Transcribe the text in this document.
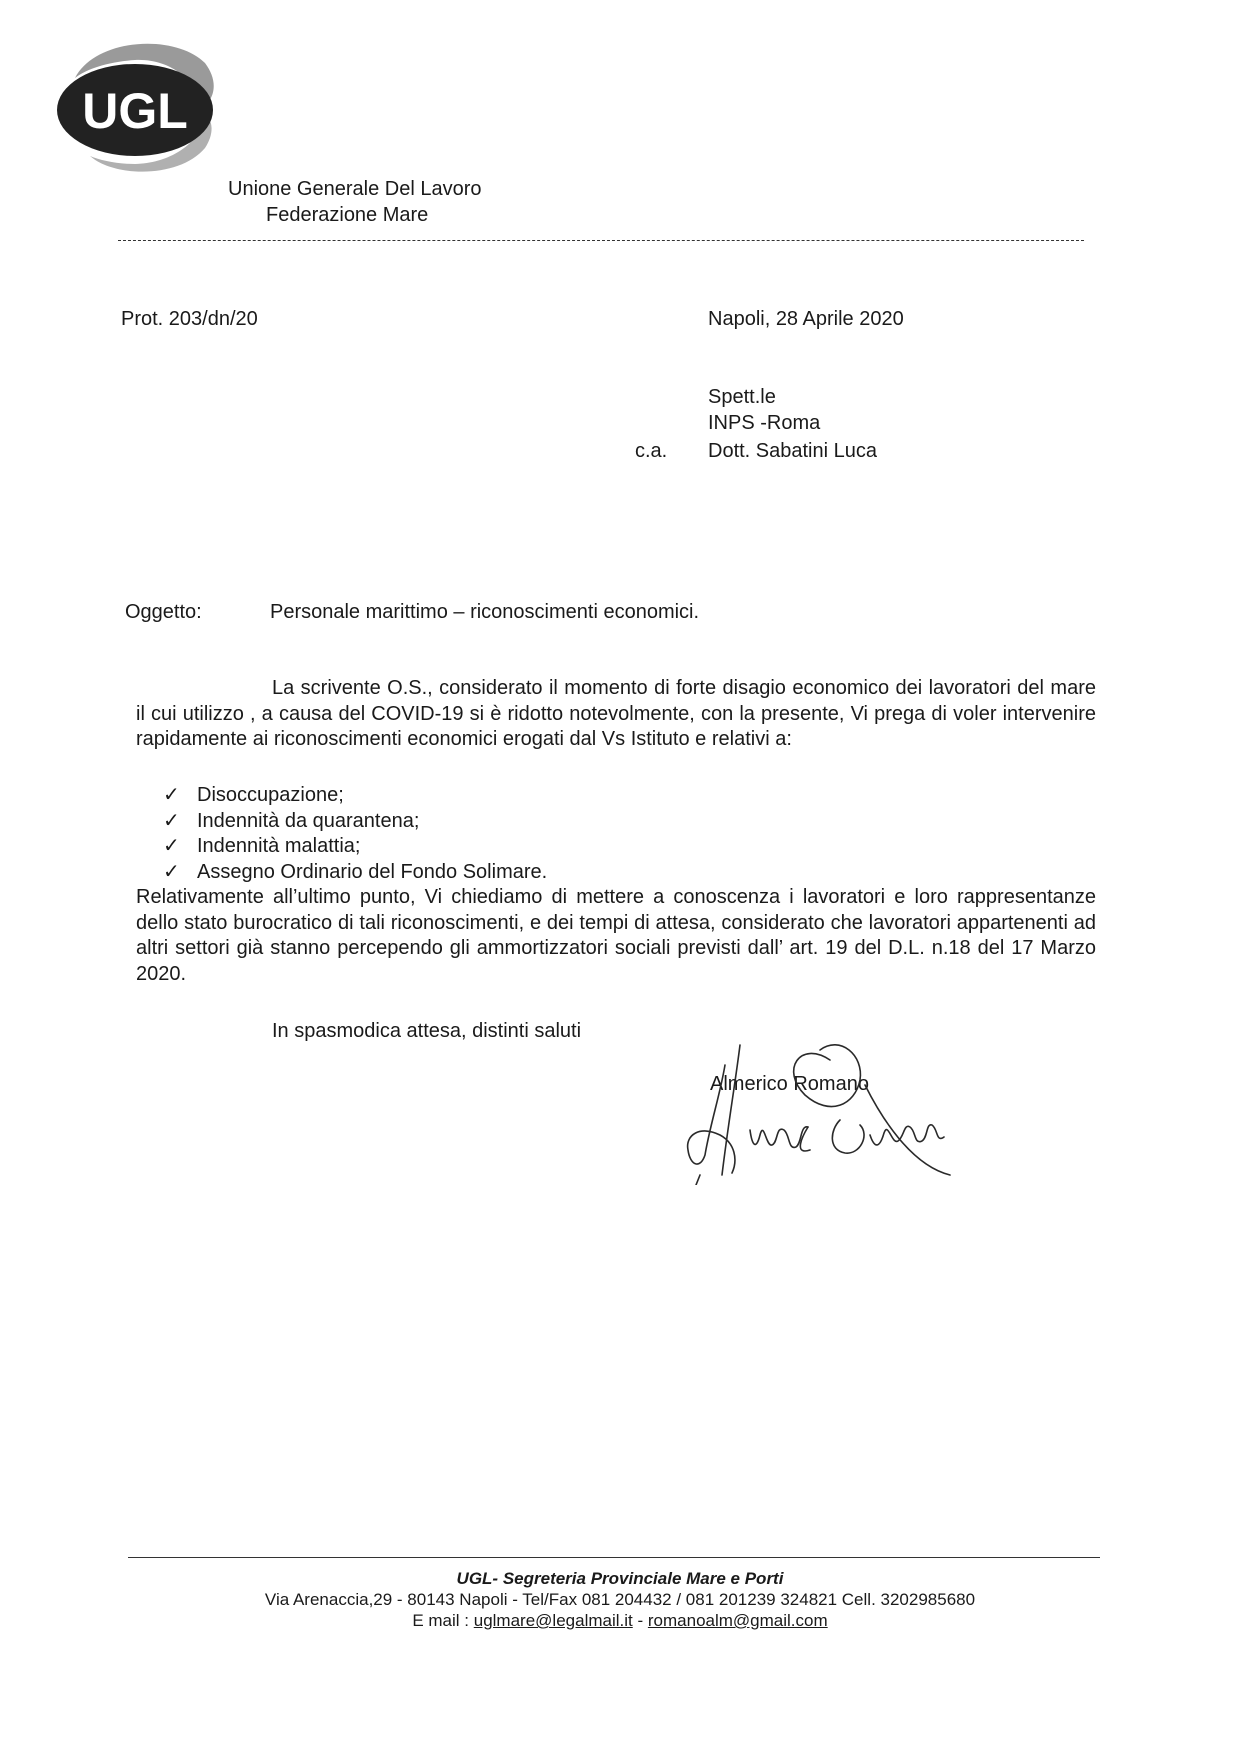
UGL
Unione Generale Del Lavoro
Federazione Mare
Prot. 203/dn/20	Napoli, 28 Aprile 2020
Spett.le
INPS -Roma
c.a. Dott. Sabatini Luca
Oggetto:	Personale marittimo – riconoscimenti economici.
La scrivente O.S., considerato il momento di forte disagio economico dei lavoratori del mare il cui utilizzo , a causa del COVID-19 si è ridotto notevolmente, con la presente, Vi prega di voler intervenire rapidamente ai riconoscimenti economici erogati dal Vs Istituto e relativi a:
✓ Disoccupazione;
✓ Indennità da quarantena;
✓ Indennità malattia;
✓ Assegno Ordinario del Fondo Solimare.
Relativamente all’ultimo punto, Vi chiediamo di mettere a conoscenza i lavoratori e loro rappresentanze dello stato burocratico di tali riconoscimenti, e dei tempi di attesa, considerato che lavoratori appartenenti ad altri settori già stanno percependo gli ammortizzatori sociali previsti dall’ art. 19 del D.L. n.18 del 17 Marzo 2020.
In spasmodica attesa, distinti saluti
Almerico Romano
UGL- Segreteria Provinciale Mare e Porti
Via Arenaccia,29 - 80143 Napoli - Tel/Fax 081 204432 / 081 201239 324821 Cell. 3202985680
E mail : uglmare@legalmail.it - romanoalm@gmail.com
